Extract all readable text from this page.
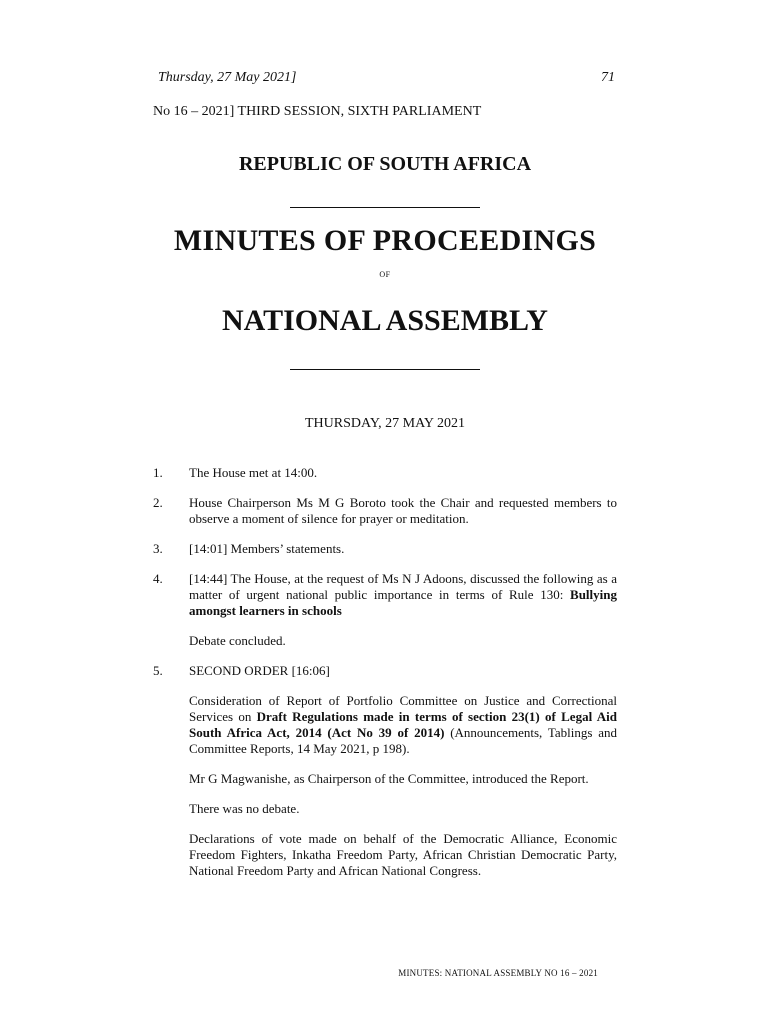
Thursday, 27 May 2021]	71
No 16 – 2021] THIRD SESSION, SIXTH PARLIAMENT
REPUBLIC OF SOUTH AFRICA
MINUTES OF PROCEEDINGS
OF
NATIONAL ASSEMBLY
THURSDAY, 27 MAY 2021
1.	The House met at 14:00.

2.	House Chairperson Ms M G Boroto took the Chair and requested members to observe a moment of silence for prayer or meditation.

3.	[14:01] Members’ statements.

4.	[14:44] The House, at the request of Ms N J Adoons, discussed the following as a matter of urgent national public importance in terms of Rule 130: Bullying amongst learners in schools

Debate concluded.

5.	SECOND ORDER [16:06]

Consideration of Report of Portfolio Committee on Justice and Correctional Services on Draft Regulations made in terms of section 23(1) of Legal Aid South Africa Act, 2014 (Act No 39 of 2014) (Announcements, Tablings and Committee Reports, 14 May 2021, p 198).

Mr G Magwanishe, as Chairperson of the Committee, introduced the Report.

There was no debate.

Declarations of vote made on behalf of the Democratic Alliance, Economic Freedom Fighters, Inkatha Freedom Party, African Christian Democratic Party, National Freedom Party and African National Congress.

MINUTES: NATIONAL ASSEMBLY NO 16 – 2021
